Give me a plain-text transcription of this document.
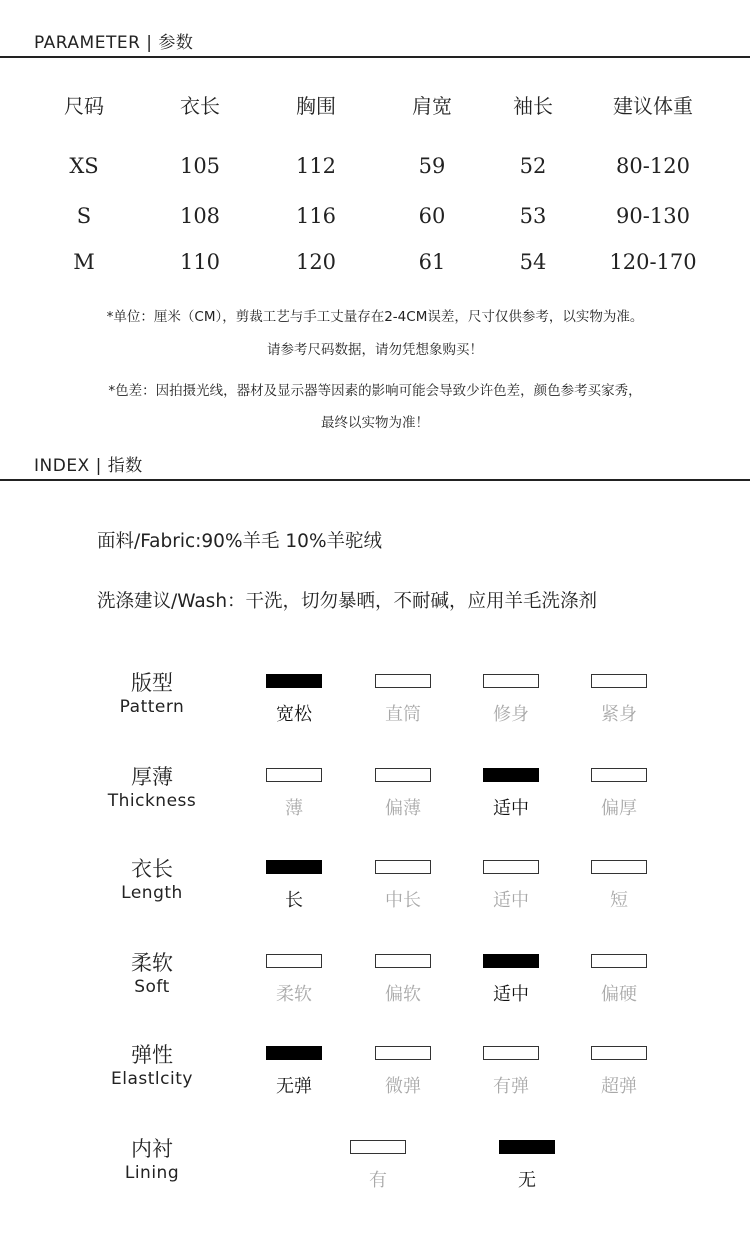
PARAMETER | 参数
尺码	衣长	胸围	肩宽	袖长	建议体重
XS	105	112	59	52	80-120
S	108	116	60	53	90-130
M	110	120	61	54	120-170
*单位：厘米（CM），剪裁工艺与手工丈量存在2-4CM误差，尺寸仅供参考，以实物为准。
请参考尺码数据，请勿凭想象购买！
*色差：因拍摄光线，器材及显示器等因素的影响可能会导致少许色差，颜色参考买家秀，
最终以实物为准！
INDEX | 指数
面料/Fabric:90%羊毛 10%羊驼绒
洗涤建议/Wash：干洗，切勿暴晒，不耐碱，应用羊毛洗涤剂
版型
Pattern	宽松	直筒	修身	紧身
厚薄
Thickness	薄	偏薄	适中	偏厚
衣长
Length	长	中长	适中	短
柔软
Soft	柔软	偏软	适中	偏硬
弹性
Elastlcity	无弹	微弹	有弹	超弹
内衬
Lining	有	无
